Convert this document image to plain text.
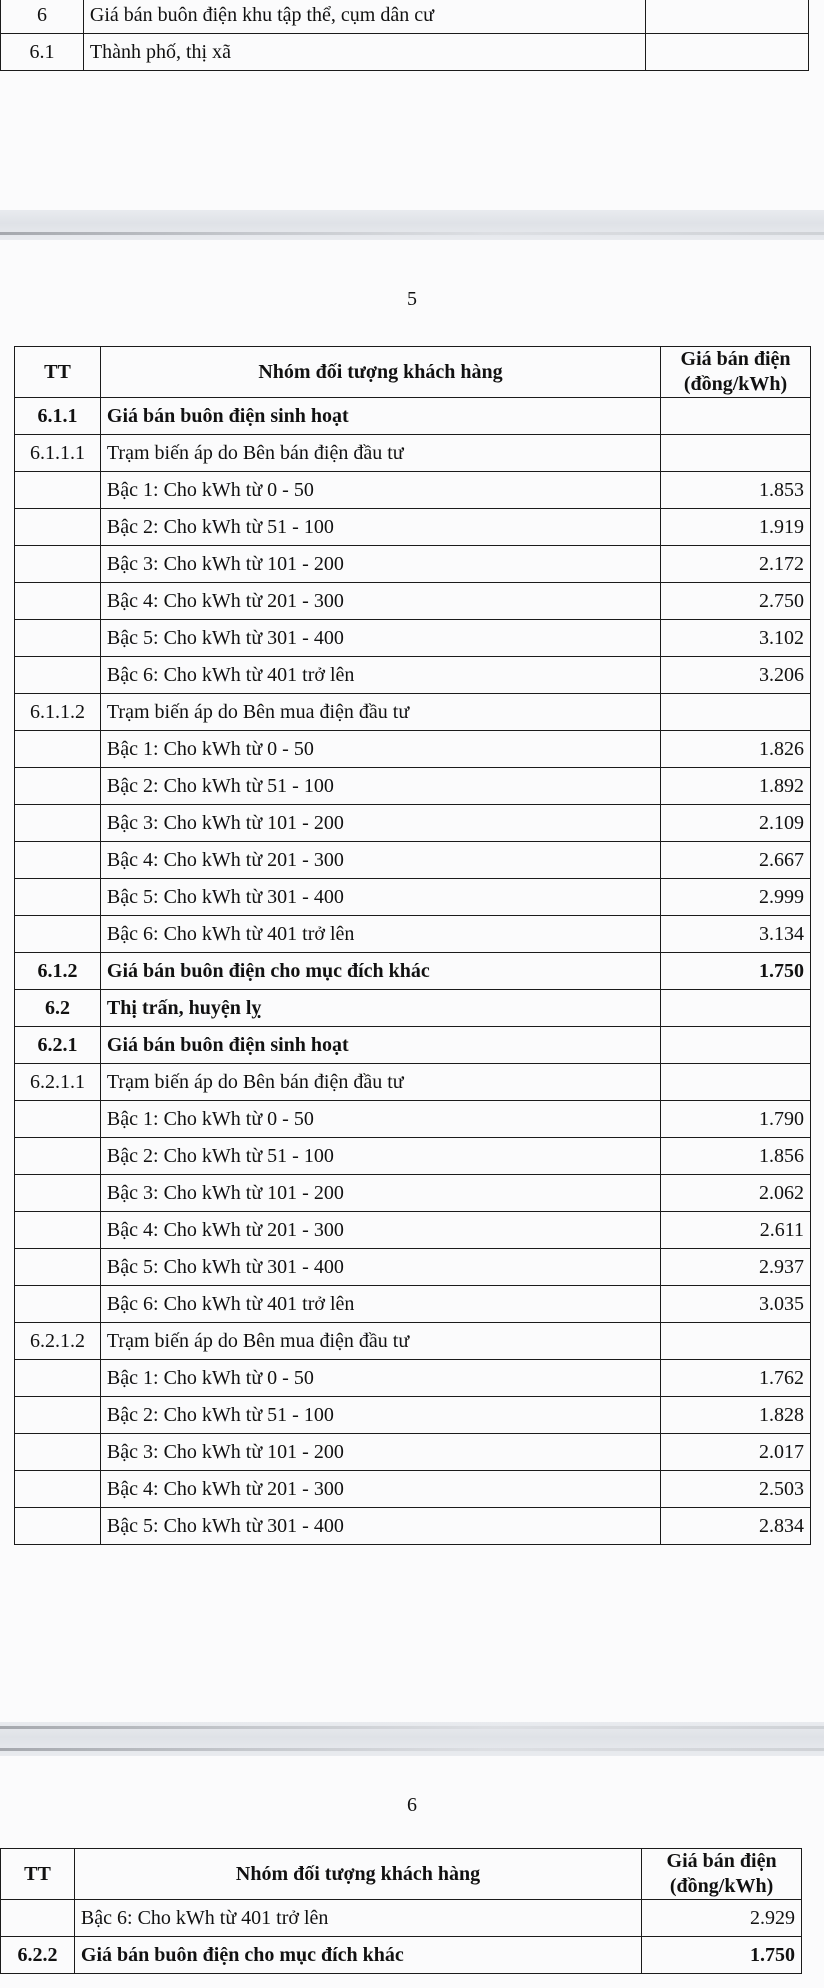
6	Giá bán buôn điện khu tập thể, cụm dân cư	
6.1	Thành phố, thị xã	
5
TT	Nhóm đối tượng khách hàng	Giá bán điện
(đồng/kWh)
6.1.1	Giá bán buôn điện sinh hoạt	
6.1.1.1	Trạm biến áp do Bên bán điện đầu tư	
	Bậc 1: Cho kWh từ 0 - 50	1.853
	Bậc 2: Cho kWh từ 51 - 100	1.919
	Bậc 3: Cho kWh từ 101 - 200	2.172
	Bậc 4: Cho kWh từ 201 - 300	2.750
	Bậc 5: Cho kWh từ 301 - 400	3.102
	Bậc 6: Cho kWh từ 401 trở lên	3.206
6.1.1.2	Trạm biến áp do Bên mua điện đầu tư	
	Bậc 1: Cho kWh từ 0 - 50	1.826
	Bậc 2: Cho kWh từ 51 - 100	1.892
	Bậc 3: Cho kWh từ 101 - 200	2.109
	Bậc 4: Cho kWh từ 201 - 300	2.667
	Bậc 5: Cho kWh từ 301 - 400	2.999
	Bậc 6: Cho kWh từ 401 trở lên	3.134
6.1.2	Giá bán buôn điện cho mục đích khác	1.750
6.2	Thị trấn, huyện lỵ	
6.2.1	Giá bán buôn điện sinh hoạt	
6.2.1.1	Trạm biến áp do Bên bán điện đầu tư	
	Bậc 1: Cho kWh từ 0 - 50	1.790
	Bậc 2: Cho kWh từ 51 - 100	1.856
	Bậc 3: Cho kWh từ 101 - 200	2.062
	Bậc 4: Cho kWh từ 201 - 300	2.611
	Bậc 5: Cho kWh từ 301 - 400	2.937
	Bậc 6: Cho kWh từ 401 trở lên	3.035
6.2.1.2	Trạm biến áp do Bên mua điện đầu tư	
	Bậc 1: Cho kWh từ 0 - 50	1.762
	Bậc 2: Cho kWh từ 51 - 100	1.828
	Bậc 3: Cho kWh từ 101 - 200	2.017
	Bậc 4: Cho kWh từ 201 - 300	2.503
	Bậc 5: Cho kWh từ 301 - 400	2.834
6
TT	Nhóm đối tượng khách hàng	Giá bán điện
(đồng/kWh)
	Bậc 6: Cho kWh từ 401 trở lên	2.929
6.2.2	Giá bán buôn điện cho mục đích khác	1.750
